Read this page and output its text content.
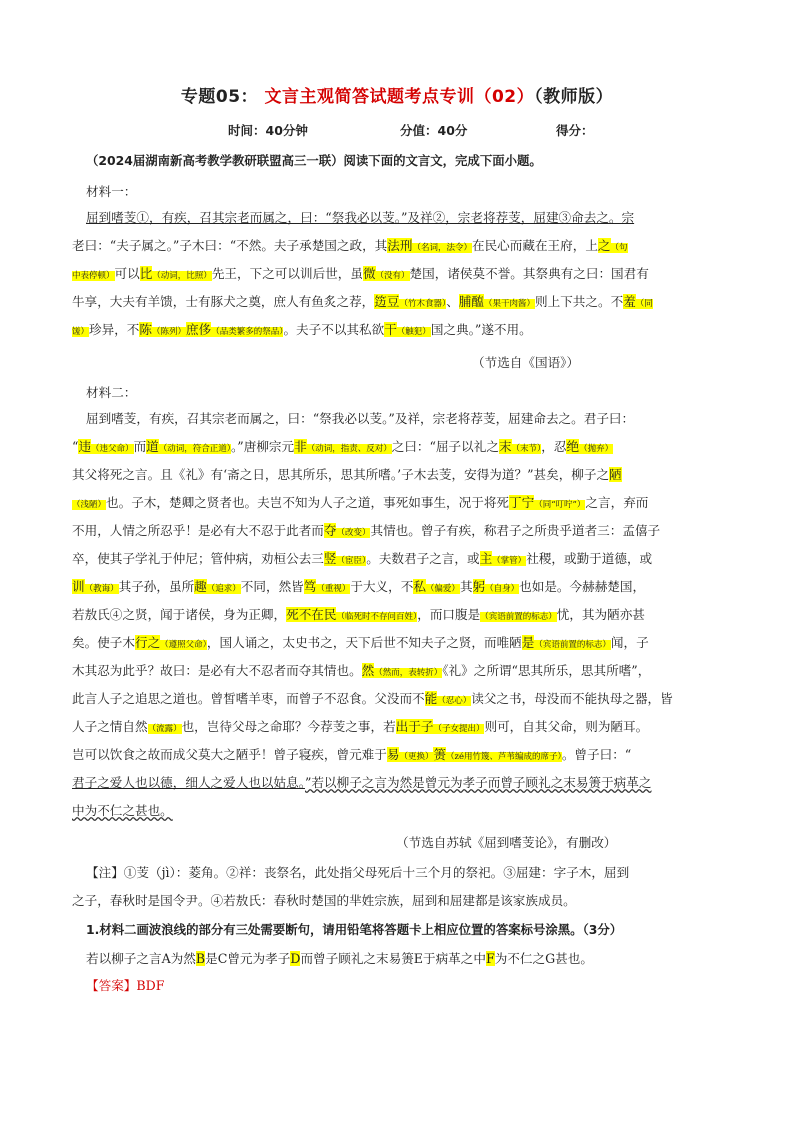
专题05： 文言主观简答试题考点专训（02）（教师版）
时间：40分钟	分值：40分	得分：
（2024届湖南新高考教学教研联盟高三一联）阅读下面的文言文，完成下面小题。
材料一：
屈到嗜芰①，有疾，召其宗老而属之，曰：“祭我必以芰。”及祥②，宗老将荐芰，屈建③命去之。宗
老曰：“夫子属之。”子木曰：“不然。夫子承楚国之政，其法刑（名词，法令）在民心而藏在王府，上之（句
中表停顿）可以比（动词，比照）先王，下之可以训后世，虽微（没有）楚国，诸侯莫不誉。其祭典有之曰：国君有
牛享，大夫有羊馈，士有豚犬之奠，庶人有鱼炙之荐，笾豆（竹木食器）、脯醢（果干肉酱）则上下共之。不羞（同
馐）珍异，不陈（陈列）庶侈（品类繁多的祭品）。夫子不以其私欲干（触犯）国之典。”遂不用。
（节选自《国语》）
材料二：
屈到嗜芰，有疾，召其宗老而属之，曰：“祭我必以芰。”及祥，宗老将荐芰，屈建命去之。君子曰：
“违（违父命）而道（动词，符合正道）。”唐柳宗元非（动词，指责、反对）之曰：“屈子以礼之末（末节），忍绝（抛弃）
其父将死之言。且《礼》有‘斋之日，思其所乐，思其所嗜。’子木去芰，安得为道？”甚矣，柳子之陋
（浅陋）也。子木，楚卿之贤者也。夫岂不知为人子之道，事死如事生，况于将死丁宁（同“叮咛”）之言，弃而
不用，人情之所忍乎！是必有大不忍于此者而夺（改变）其情也。曾子有疾，称君子之所贵乎道者三：孟僖子
卒，使其子学礼于仲尼；管仲病，劝桓公去三竖（宦臣）。夫数君子之言，或主（掌管）社稷，或勤于道德，或
训（教诲）其子孙，虽所趣（追求）不同，然皆笃（重视）于大义，不私（偏爱）其躬（自身）也如是。今赫赫楚国，
若敖氏④之贤，闻于诸侯，身为正卿，死不在民（临死时不存问百姓），而口腹是（宾语前置的标志）忧，其为陋亦甚
矣。使子木行之（遵照父命），国人诵之，太史书之，天下后世不知夫子之贤，而唯陋是（宾语前置的标志）闻，子
木其忍为此乎？故曰：是必有大不忍者而夺其情也。然（然而，表转折）《礼》之所谓“思其所乐，思其所嗜”，
此言人子之追思之道也。曾皙嗜羊枣，而曾子不忍食。父没而不能（忍心）读父之书，母没而不能执母之器，皆
人子之情自然（流露）也，岂待父母之命耶？今荐芰之事，若出于子（子女提出）则可，自其父命，则为陋耳。
岂可以饮食之故而成父莫大之陋乎！曾子寝疾，曾元难于易（更换）箦（zé用竹篾、芦苇编成的席子）。曾子曰：“
君子之爱人也以德，细人之爱人也以姑息。”若以柳子之言为然是曾元为孝子而曾子顾礼之末易箦于病革之
中为不仁之甚也。
（节选自苏轼《屈到嗜芰论》，有删改）
【注】①芰（jì）：菱角。②祥：丧祭名，此处指父母死后十三个月的祭祀。③屈建：字子木，屈到
之子，春秋时是国令尹。④若敖氏：春秋时楚国的芈姓宗族，屈到和屈建都是该家族成员。
1.材料二画波浪线的部分有三处需要断句，请用铅笔将答题卡上相应位置的答案标号涂黑。（3分）
若以柳子之言A为然B是C曾元为孝子D而曾子顾礼之末易箦E于病革之中F为不仁之G甚也。
【答案】BDF
